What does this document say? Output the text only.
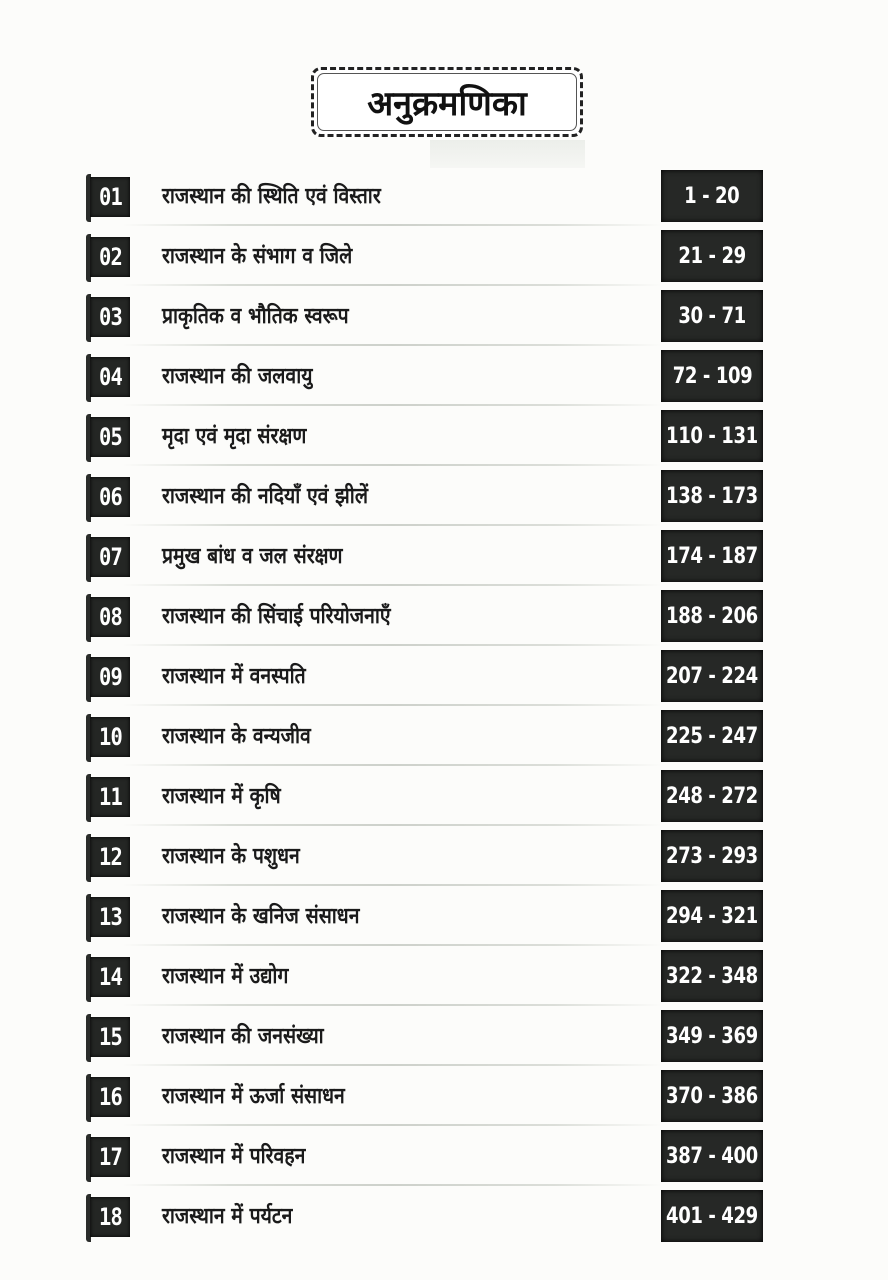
अनुक्रमणिका
01 राजस्थान की स्थिति एवं विस्तार	1 - 20
02 राजस्थान के संभाग व जिले	21 - 29
03 प्राकृतिक व भौतिक स्वरूप	30 - 71
04 राजस्थान की जलवायु	72 - 109
05 मृदा एवं मृदा संरक्षण	110 - 131
06 राजस्थान की नदियाँ एवं झीलें	138 - 173
07 प्रमुख बांध व जल संरक्षण	174 - 187
08 राजस्थान की सिंचाई परियोजनाएँ	188 - 206
09 राजस्थान में वनस्पति	207 - 224
10 राजस्थान के वन्यजीव	225 - 247
11 राजस्थान में कृषि	248 - 272
12 राजस्थान के पशुधन	273 - 293
13 राजस्थान के खनिज संसाधन	294 - 321
14 राजस्थान में उद्योग	322 - 348
15 राजस्थान की जनसंख्या	349 - 369
16 राजस्थान में ऊर्जा संसाधन	370 - 386
17 राजस्थान में परिवहन	387 - 400
18 राजस्थान में पर्यटन	401 - 429
